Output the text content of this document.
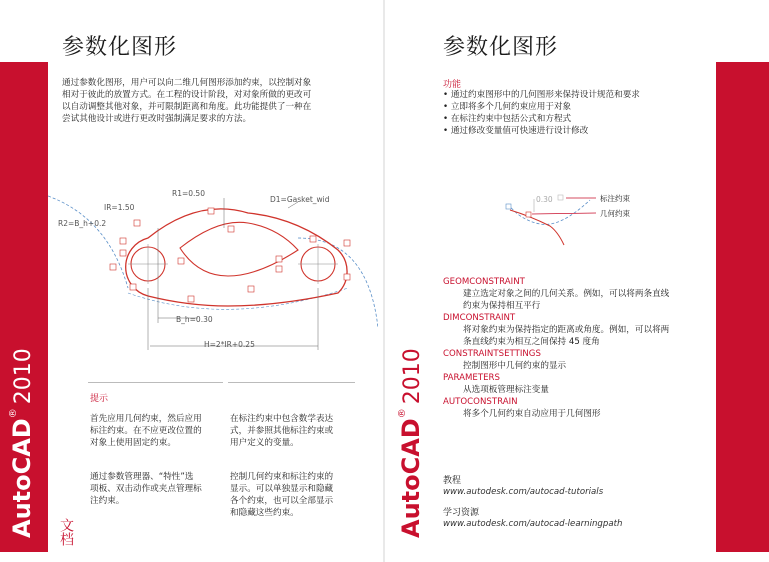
参数化图形
通过参数化图形，用户可以向二维几何图形添加约束，以控制对象
相对于彼此的放置方式。在工程的设计阶段，对对象所做的更改可
以自动调整其他对象，并可限制距离和角度。此功能提供了一种在
尝试其他设计或进行更改时强制满足要求的方法。
R1=0.50
D1=Gasket_wid
IR=1.50
R2=B_h+0.2
B_h=0.30
H=2*IR+0.25
提示
首先应用几何约束，然后应用
标注约束。在不应更改位置的
对象上使用固定约束。
在标注约束中包含数学表达
式，并参照其他标注约束或
用户定义的变量。
通过参数管理器、“特性”选
项板、双击动作或夹点管理标
注约束。
控制几何约束和标注约束的
显示。可以单独显示和隐藏
各个约束，也可以全部显示
和隐藏这些约束。
AutoCAD®2010
文档
参数化图形
功能
• 通过约束图形中的几何图形来保持设计规范和要求
• 立即将多个几何约束应用于对象
• 在标注约束中包括公式和方程式
• 通过修改变量值可快速进行设计修改
0.30	标注约束
几何约束
GEOMCONSTRAINT
建立选定对象之间的几何关系。例如，可以将两条直线
约束为保持相互平行
DIMCONSTRAINT
将对象约束为保持指定的距离或角度。例如，可以将两
条直线约束为相互之间保持 45 度角
CONSTRAINTSETTINGS
控制图形中几何约束的显示
PARAMETERS
从选项板管理标注变量
AUTOCONSTRAIN
将多个几何约束自动应用于几何图形
教程
www.autodesk.com/autocad-tutorials
学习资源
www.autodesk.com/autocad-learningpath
AutoCAD®2010
